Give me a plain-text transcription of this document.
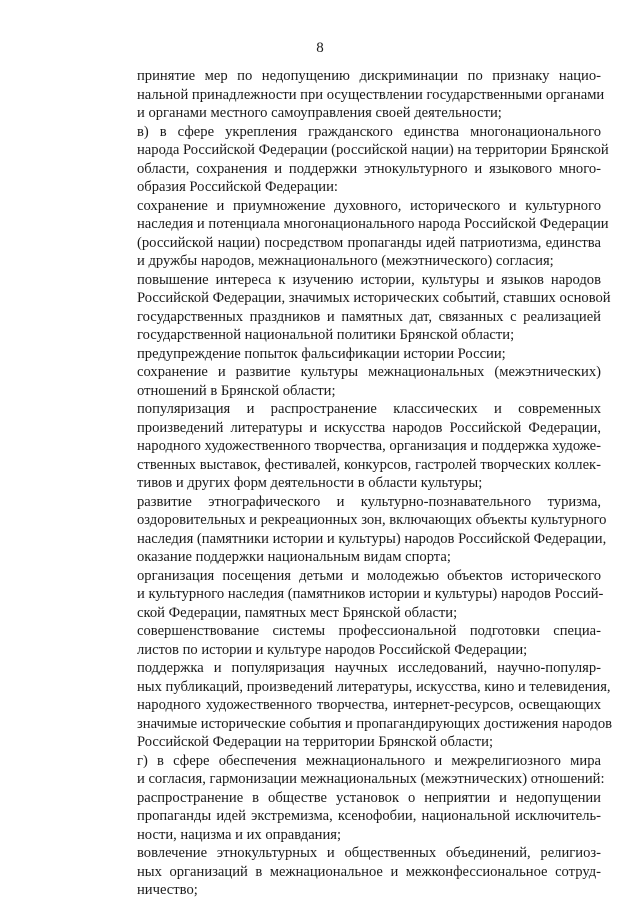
8
принятие мер по недопущению дискриминации по признаку нацио-
нальной принадлежности при осуществлении государственными органами
и органами местного самоуправления своей деятельности;
в) в сфере укрепления гражданского единства многонационального
народа Российской Федерации (российской нации) на территории Брянской
области, сохранения и поддержки этнокультурного и языкового много-
образия Российской Федерации:
сохранение и приумножение духовного, исторического и культурного
наследия и потенциала многонационального народа Российской Федерации
(российской нации) посредством пропаганды идей патриотизма, единства
и дружбы народов, межнационального (межэтнического) согласия;
повышение интереса к изучению истории, культуры и языков народов
Российской Федерации, значимых исторических событий, ставших основой
государственных праздников и памятных дат, связанных с реализацией
государственной национальной политики Брянской области;
предупреждение попыток фальсификации истории России;
сохранение и развитие культуры межнациональных (межэтнических)
отношений в Брянской области;
популяризация и распространение классических и современных
произведений литературы и искусства народов Российской Федерации,
народного художественного творчества, организация и поддержка художе-
ственных выставок, фестивалей, конкурсов, гастролей творческих коллек-
тивов и других форм деятельности в области культуры;
развитие этнографического и культурно-познавательного туризма,
оздоровительных и рекреационных зон, включающих объекты культурного
наследия (памятники истории и культуры) народов Российской Федерации,
оказание поддержки национальным видам спорта;
организация посещения детьми и молодежью объектов исторического
и культурного наследия (памятников истории и культуры) народов Россий-
ской Федерации, памятных мест Брянской области;
совершенствование системы профессиональной подготовки специа-
листов по истории и культуре народов Российской Федерации;
поддержка и популяризация научных исследований, научно-популяр-
ных публикаций, произведений литературы, искусства, кино и телевидения,
народного художественного творчества, интернет-ресурсов, освещающих
значимые исторические события и пропагандирующих достижения народов
Российской Федерации на территории Брянской области;
г) в сфере обеспечения межнационального и межрелигиозного мира
и согласия, гармонизации межнациональных (межэтнических) отношений:
распространение в обществе установок о неприятии и недопущении
пропаганды идей экстремизма, ксенофобии, национальной исключитель-
ности, нацизма и их оправдания;
вовлечение этнокультурных и общественных объединений, религиоз-
ных организаций в межнациональное и межконфессиональное сотруд-
ничество;
